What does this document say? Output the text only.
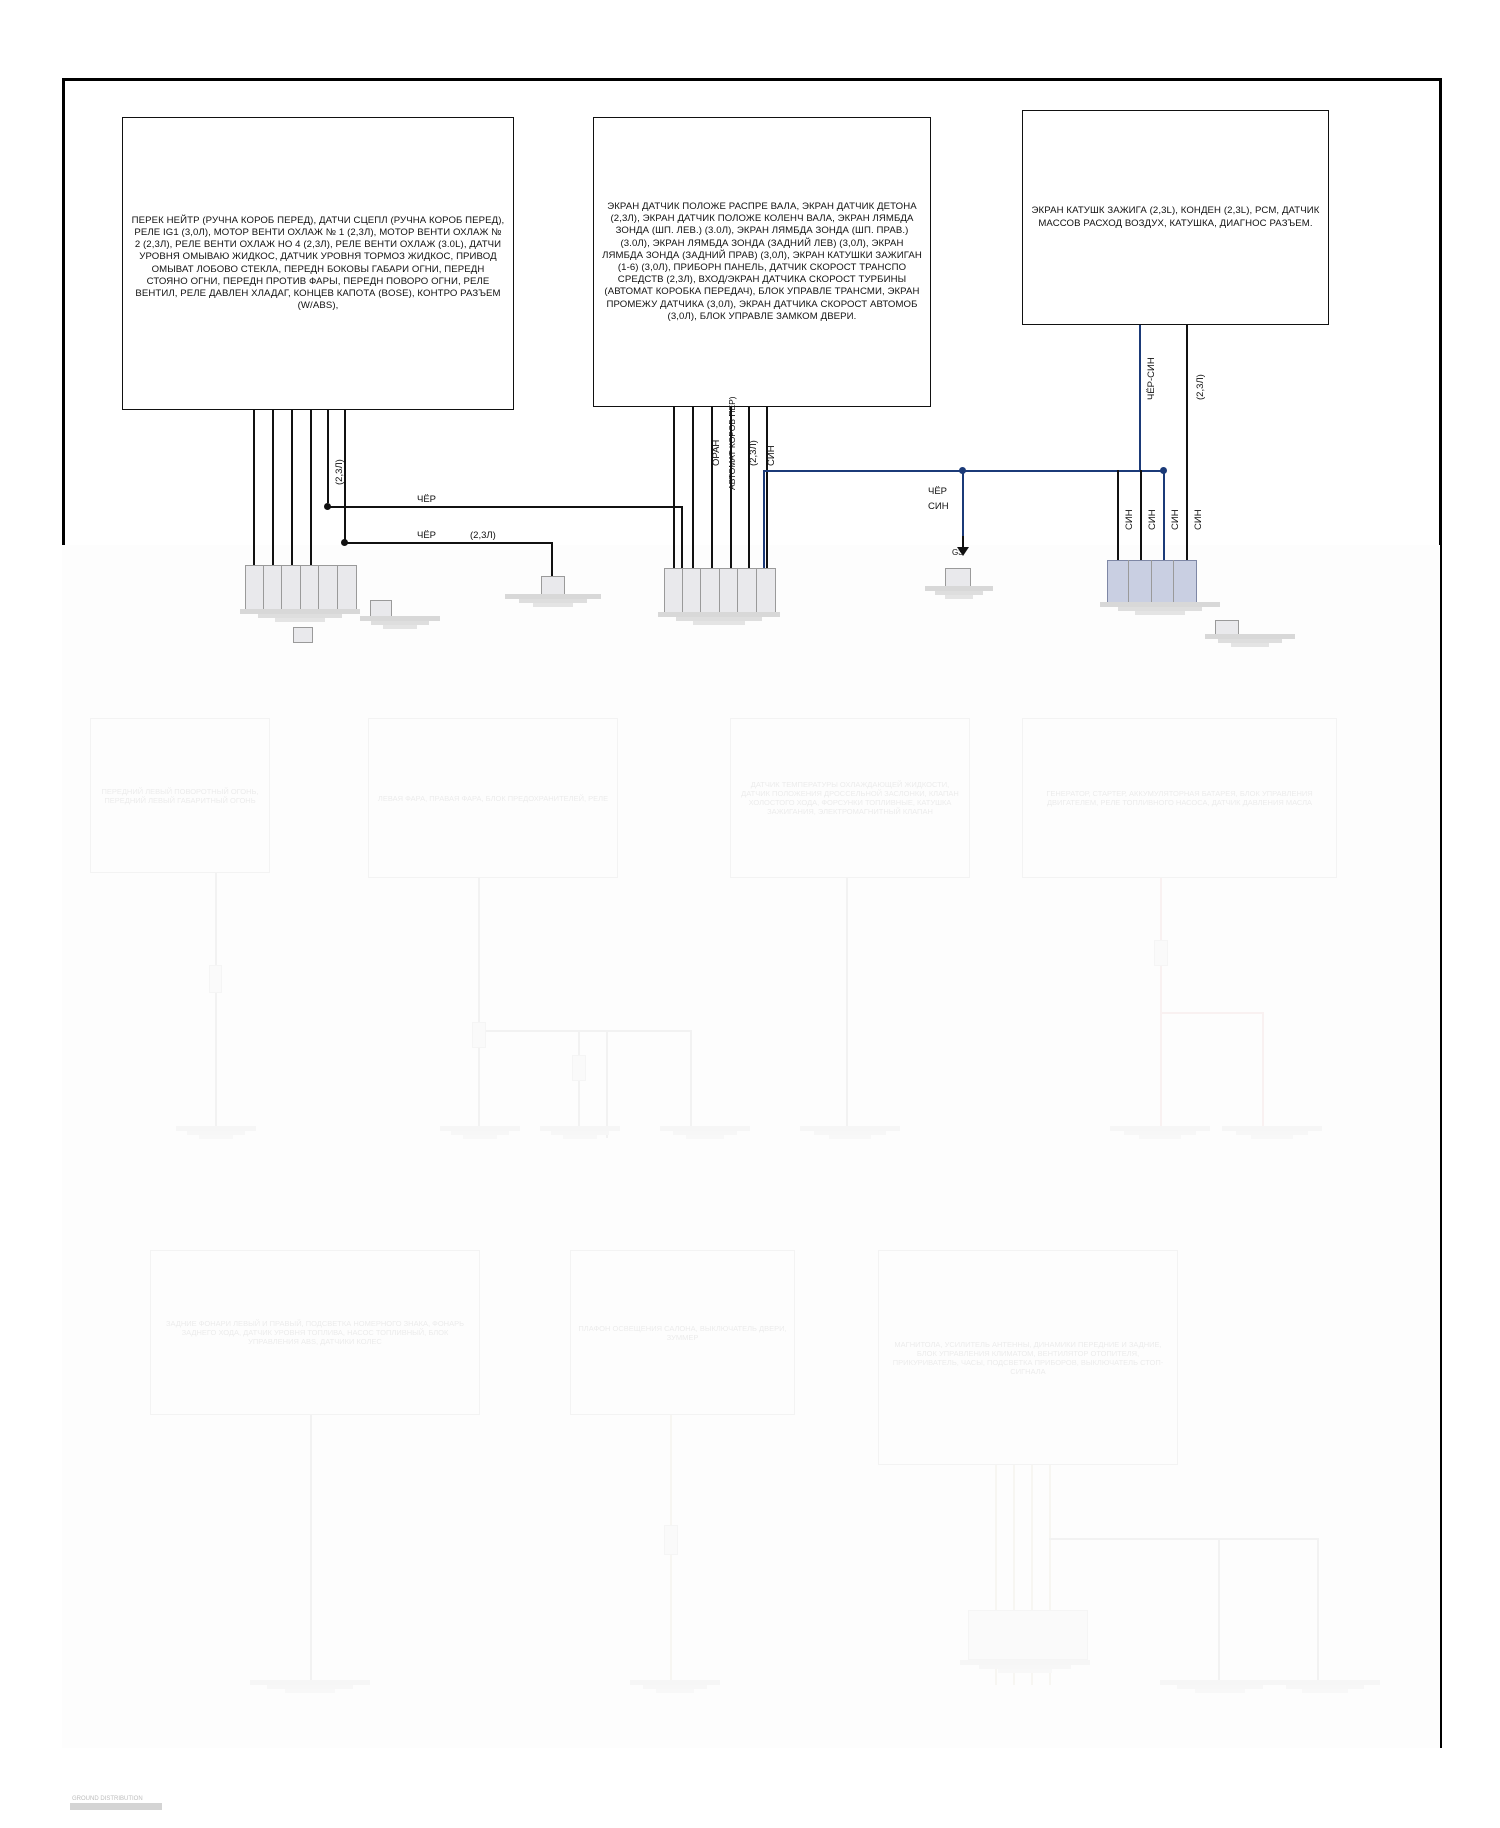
ПЕРЕК НЕЙТР (РУЧНА КОРОБ ПЕРЕД), ДАТЧИ СЦЕПЛ (РУЧНА КОРОБ ПЕРЕД), РЕЛЕ IG1 (3,0Л), МОТОР ВЕНТИ ОХЛАЖ № 1 (2,3Л), МОТОР ВЕНТИ ОХЛАЖ № 2 (2,3Л), РЕЛЕ ВЕНТИ ОХЛАЖ НО 4 (2,3Л), РЕЛЕ ВЕНТИ ОХЛАЖ (3.0L), ДАТЧИ УРОВНЯ ОМЫВАЮ ЖИДКОС, ДАТЧИК УРОВНЯ ТОРМОЗ ЖИДКОС, ПРИВОД ОМЫВАТ ЛОБОВО СТЕКЛА, ПЕРЕДН БОКОВЫ ГАБАРИ ОГНИ, ПЕРЕДН СТОЯНО ОГНИ, ПЕРЕДН ПРОТИВ ФАРЫ, ПЕРЕДН ПОВОРО ОГНИ, РЕЛЕ ВЕНТИЛ, РЕЛЕ ДАВЛЕН ХЛАДАГ, КОНЦЕВ КАПОТА (BOSE), КОНТРО РАЗЪЕМ (W/ABS),

ЭКРАН ДАТЧИК ПОЛОЖЕ РАСПРЕ ВАЛА, ЭКРАН ДАТЧИК ДЕТОНА (2,3Л), ЭКРАН ДАТЧИК ПОЛОЖЕ КОЛЕНЧ ВАЛА, ЭКРАН ЛЯМБДА ЗОНДА (ШП. ЛЕВ.) (3.0Л), ЭКРАН ЛЯМБДА ЗОНДА (ШП. ПРАВ.) (3.0Л), ЭКРАН ЛЯМБДА ЗОНДА (ЗАДНИЙ ЛЕВ) (3,0Л), ЭКРАН ЛЯМБДА ЗОНДА (ЗАДНИЙ ПРАВ) (3,0Л), ЭКРАН КАТУШКИ ЗАЖИГАН (1-6) (3,0Л), ПРИБОРН ПАНЕЛЬ, ДАТЧИК СКОРОСТ ТРАНСПО СРЕДСТВ (2,3Л), ВХОД/ЭКРАН ДАТЧИКА СКОРОСТ ТУРБИНЫ (АВТОМАТ КОРОБКА ПЕРЕДАЧ), БЛОК УПРАВЛЕ ТРАНСМИ, ЭКРАН ПРОМЕЖУ ДАТЧИКА (3,0Л), ЭКРАН ДАТЧИКА СКОРОСТ АВТОМОБ (3,0Л), БЛОК УПРАВЛЕ ЗАМКОМ ДВЕРИ.

ЭКРАН КАТУШК ЗАЖИГА (2,3L), КОНДЕН (2,3L), РСМ, ДАТЧИК МАССОВ РАСХОД ВОЗДУХ, КАТУШКА, ДИАГНОС РАЗЪЕМ.

(2,3Л)
ЧЁР
ЧЁР	(2,3Л)
АВТОМАТ КОРОБ ПЕР) (2,3Л)
ОРАН	СИН
ЧЁР
СИН
G3
ЧЁР-СИН	(2,3Л)
СИН СИН СИН СИН

ПЕРЕДНИЙ ЛЕВЫЙ ПОВОРОТНЫЙ ОГОНЬ, ПЕРЕДНИЙ ЛЕВЫЙ ГАБАРИТНЫЙ ОГОНЬ	ЛЕВАЯ ФАРА, ПРАВАЯ ФАРА, БЛОК ПРЕДОХРАНИТЕЛЕЙ, РЕЛЕ

ДАТЧИК ТЕМПЕРАТУРЫ ОХЛАЖДАЮЩЕЙ ЖИДКОСТИ, ДАТЧИК ПОЛОЖЕНИЯ ДРОССЕЛЬНОЙ ЗАСЛОНКИ, КЛАПАН ХОЛОСТОГО ХОДА, ФОРСУНКИ ТОПЛИВНЫЕ, КАТУШКА ЗАЖИГАНИЯ, ЭЛЕКТРОМАГНИТНЫЙ КЛАПАН

ГЕНЕРАТОР, СТАРТЕР, АККУМУЛЯТОРНАЯ БАТАРЕЯ, БЛОК УПРАВЛЕНИЯ ДВИГАТЕЛЕМ, РЕЛЕ ТОПЛИВНОГО НАСОСА, ДАТЧИК ДАВЛЕНИЯ МАСЛА

ЗАДНИЕ ФОНАРИ ЛЕВЫЙ И ПРАВЫЙ, ПОДСВЕТКА НОМЕРНОГО ЗНАКА, ФОНАРЬ ЗАДНЕГО ХОДА, ДАТЧИК УРОВНЯ ТОПЛИВА, НАСОС ТОПЛИВНЫЙ, БЛОК УПРАВЛЕНИЯ ABS, ДАТЧИКИ КОЛЕС

ПЛАФОН ОСВЕЩЕНИЯ САЛОНА, ВЫКЛЮЧАТЕЛЬ ДВЕРИ, ЗУММЕР

МАГНИТОЛА, УСИЛИТЕЛЬ АНТЕННЫ, ДИНАМИКИ ПЕРЕДНИЕ И ЗАДНИЕ, БЛОК УПРАВЛЕНИЯ КЛИМАТОМ, ВЕНТИЛЯТОР ОТОПИТЕЛЯ, ПРИКУРИВАТЕЛЬ, ЧАСЫ, ПОДСВЕТКА ПРИБОРОВ, ВЫКЛЮЧАТЕЛЬ СТОП-СИГНАЛА

GROUND DISTRIBUTION
